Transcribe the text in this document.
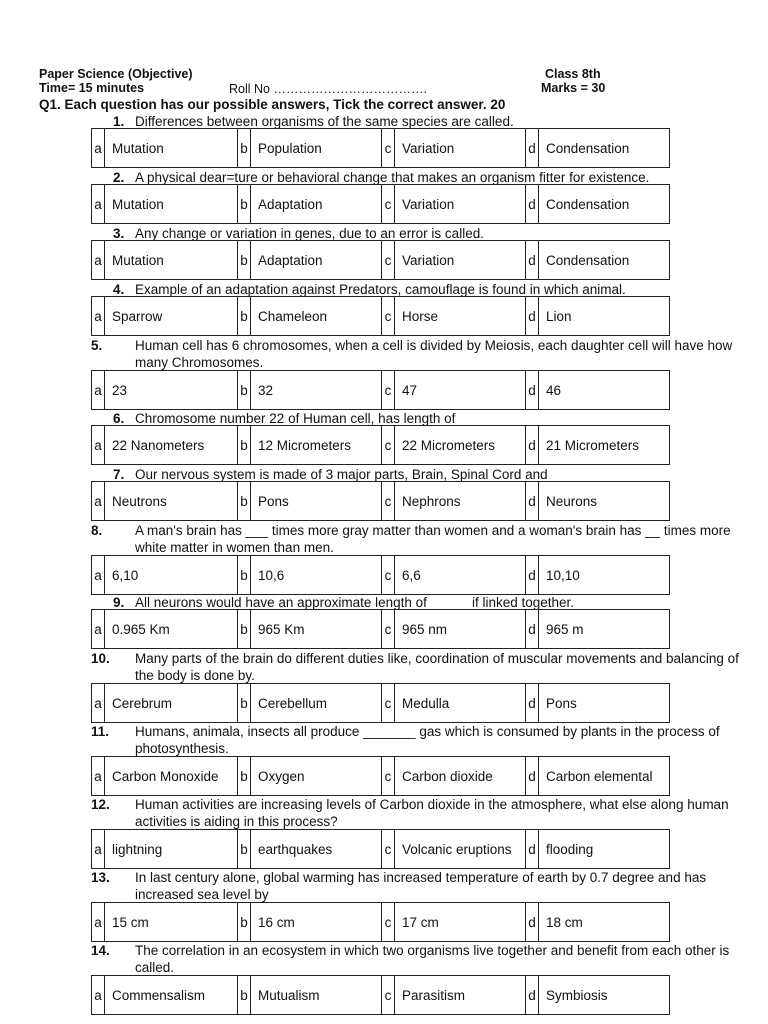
Paper Science (Objective)
Time= 15 minutes	Roll No ……………………………….
Class 8th
Marks = 30
Q1. Each question has our possible answers, Tick the correct answer. 20
1. Differences between organisms of the same species are called.
a Mutation	b Population	c Variation	d Condensation
2. A physical dear=ture or behavioral change that makes an organism fitter for existence.
a Mutation	b Adaptation	c Variation	d Condensation
3. Any change or variation in genes, due to an error is called.
a Mutation	b Adaptation	c Variation	d Condensation
4. Example of an adaptation against Predators, camouflage is found in which animal.
a Sparrow	b Chameleon	c Horse	d Lion
5. Human cell has 6 chromosomes, when a cell is divided by Meiosis, each daughter cell will have how many Chromosomes.
a 23	b 32	c 47	d 46
6. Chromosome number 22 of Human cell, has length of
a 22 Nanometers	b 12 Micrometers	c 22 Micrometers	d 21 Micrometers
7. Our nervous system is made of 3 major parts, Brain, Spinal Cord and
a Neutrons	b Pons	c Nephrons	d Neurons
8. A man's brain has ___ times more gray matter than women and a woman's brain has __ times more white matter in women than men.
a 6,10	b 10,6	c 6,6	d 10,10
9. All neurons would have an approximate length of _____ if linked together.
a 0.965 Km	b 965 Km	c 965 nm	d 965 m
10. Many parts of the brain do different duties like, coordination of muscular movements and balancing of the body is done by.
a Cerebrum	b Cerebellum	c Medulla	d Pons
11. Humans, animala, insects all produce _______ gas which is consumed by plants in the process of photosynthesis.
a Carbon Monoxide	b Oxygen	c Carbon dioxide	d Carbon elemental
12. Human activities are increasing levels of Carbon dioxide in the atmosphere, what else along human activities is aiding in this process?
a lightning	b earthquakes	c Volcanic eruptions	d flooding
13. In last century alone, global warming has increased temperature of earth by 0.7 degree and has increased sea level by
a 15 cm	b 16 cm	c 17 cm	d 18 cm
14. The correlation in an ecosystem in which two organisms live together and benefit from each other is called.
a Commensalism	b Mutualism	c Parasitism	d Symbiosis
